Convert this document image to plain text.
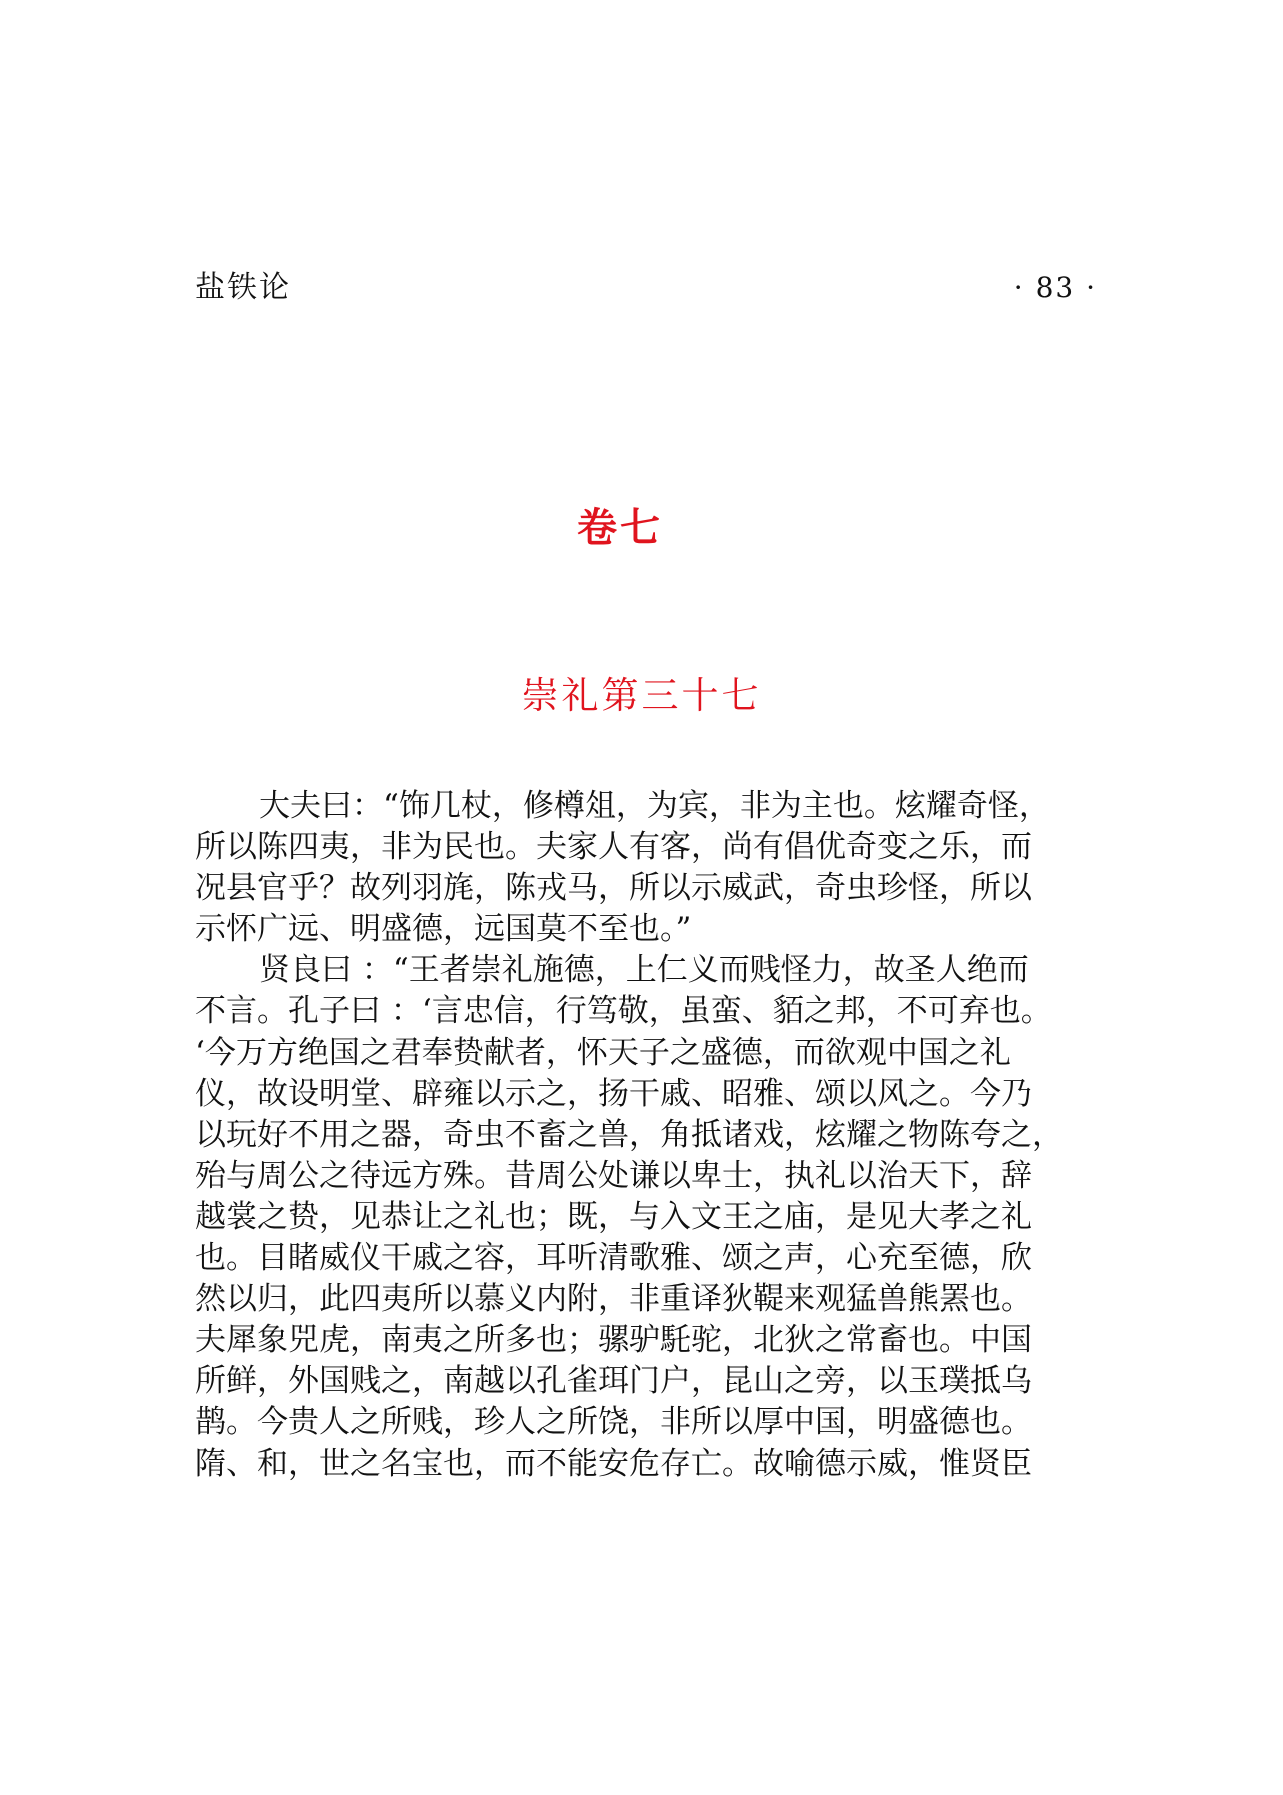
盐铁论	· 83 ·
卷七
崇礼第三十七

大夫曰：“饰几杖，修樽俎，为宾，非为主也。炫耀奇怪，
所以陈四夷，非为民也。夫家人有客，尚有倡优奇变之乐，而
况县官乎？故列羽旄，陈戎马，所以示威武，奇虫珍怪，所以
示怀广远、明盛德，远国莫不至也。”

贤良曰 ：“王者崇礼施德，上仁义而贱怪力，故圣人绝而
不言。孔子曰 ：‘言忠信，行笃敬，虽蛮、貊之邦，不可弃也。
‘今万方绝国之君奉贽献者，怀天子之盛德，而欲观中国之礼
仪，故设明堂、辟雍以示之，扬干戚、昭雅、颂以风之。今乃
以玩好不用之器，奇虫不畜之兽，角抵诸戏，炫耀之物陈夸之，
殆与周公之待远方殊。昔周公处谦以卑士，执礼以治天下，辞
越裳之贽，见恭让之礼也；既，与入文王之庙，是见大孝之礼
也。目睹威仪干戚之容，耳听清歌雅、颂之声，心充至德，欣
然以归，此四夷所以慕义内附，非重译狄鞮来观猛兽熊罴也。
夫犀象兕虎，南夷之所多也；骡驴馲驼，北狄之常畜也。中国
所鲜，外国贱之，南越以孔雀珥门户，昆山之旁，以玉璞抵乌
鹊。今贵人之所贱，珍人之所饶，非所以厚中国，明盛德也。
隋、和，世之名宝也，而不能安危存亡。故喻德示威，惟贤臣
